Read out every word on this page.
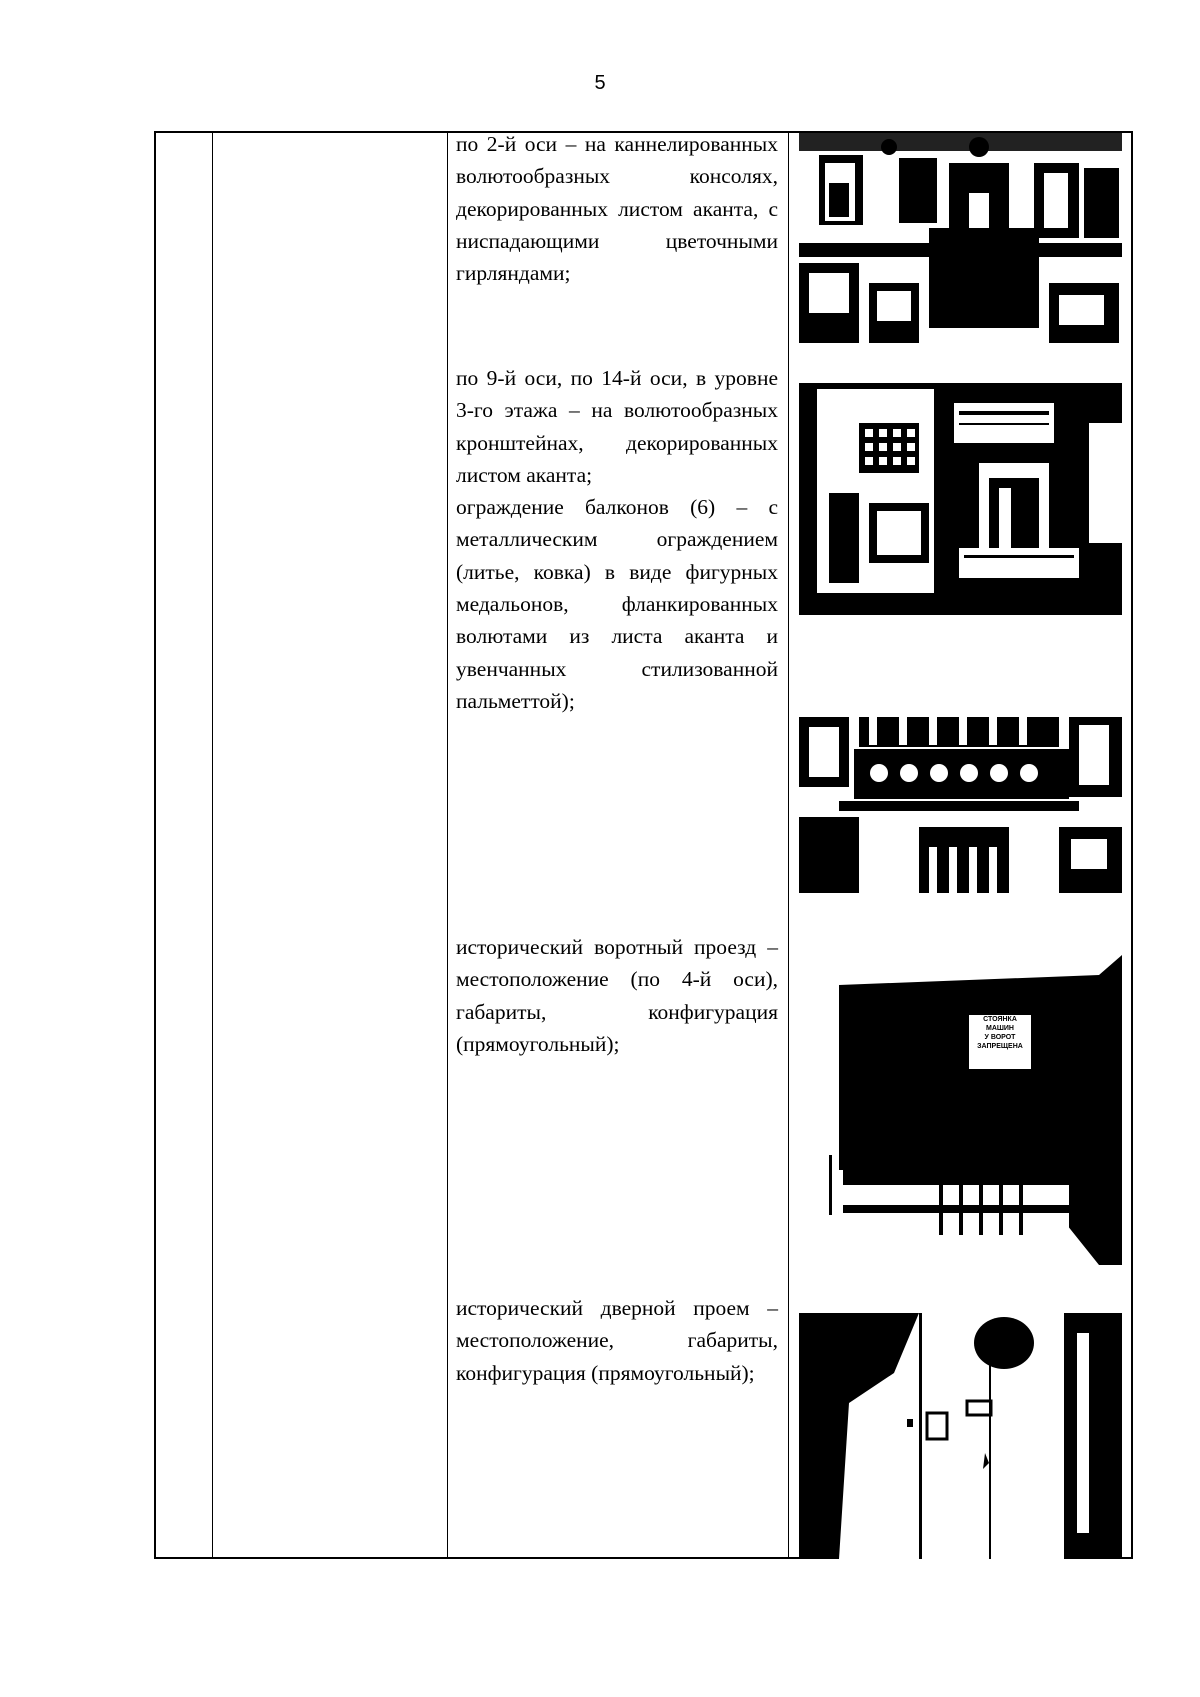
5

по 2-й оси – на каннелированных волютообразных консолях, декорированных листом аканта, с ниспадающими цветочными гирляндами;

по 9-й оси, по 14-й оси, в уровне 3-го этажа – на волютообразных кронштейнах, декорированных листом аканта;

ограждение балконов (6) – с металлическим ограждением (литье, ковка) в виде фигурных медальонов, фланкированных волютами из листа аканта и увенчанных стилизованной пальметтой);

исторический воротный проезд –местоположение (по 4-й оси), габариты, конфигурация (прямоугольный);

исторический дверной проем – местоположение, габариты, конфигурация (прямоугольный);

СТОЯНКА МАШИН
У ВОРОТ
ЗАПРЕЩЕНА
